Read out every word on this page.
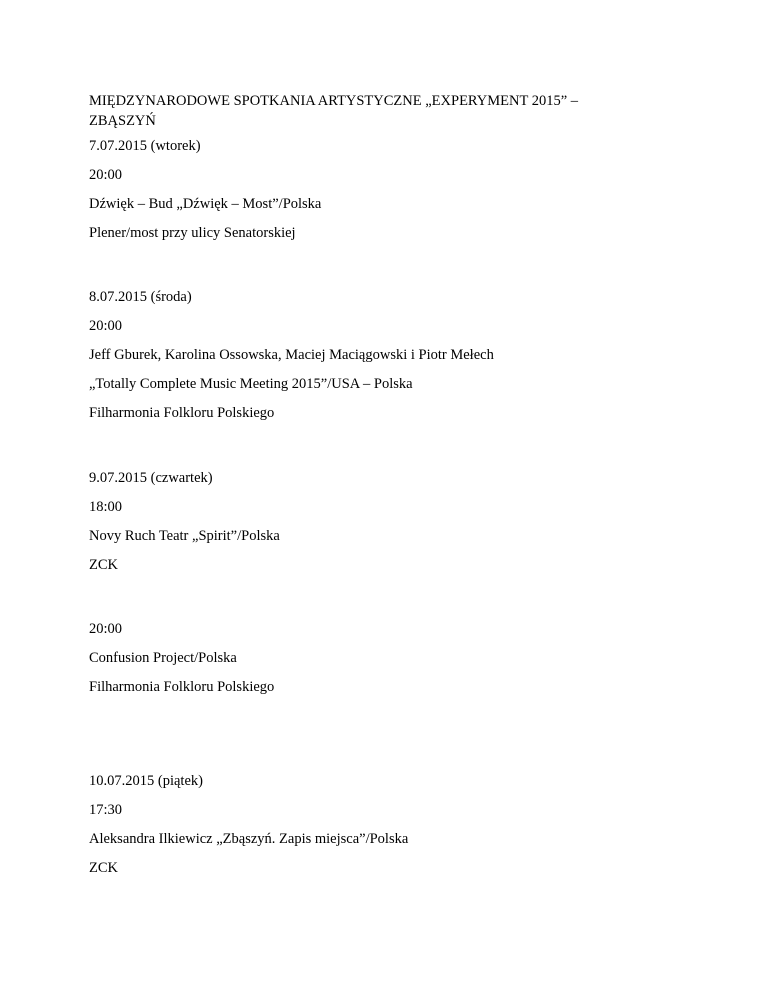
MIĘDZYNARODOWE SPOTKANIA ARTYSTYCZNE „EXPERYMENT 2015” –
ZBĄSZYŃ
7.07.2015 (wtorek)
20:00
Dźwięk – Bud „Dźwięk – Most”/Polska
Plener/most przy ulicy Senatorskiej
8.07.2015 (środa)
20:00
Jeff Gburek, Karolina Ossowska, Maciej Maciągowski i Piotr Mełech
„Totally Complete Music Meeting 2015”/USA – Polska
Filharmonia Folkloru Polskiego
9.07.2015 (czwartek)
18:00
Novy Ruch Teatr „Spirit”/Polska
ZCK
20:00
Confusion Project/Polska
Filharmonia Folkloru Polskiego
10.07.2015 (piątek)
17:30
Aleksandra Ilkiewicz „Zbąszyń. Zapis miejsca”/Polska
ZCK
